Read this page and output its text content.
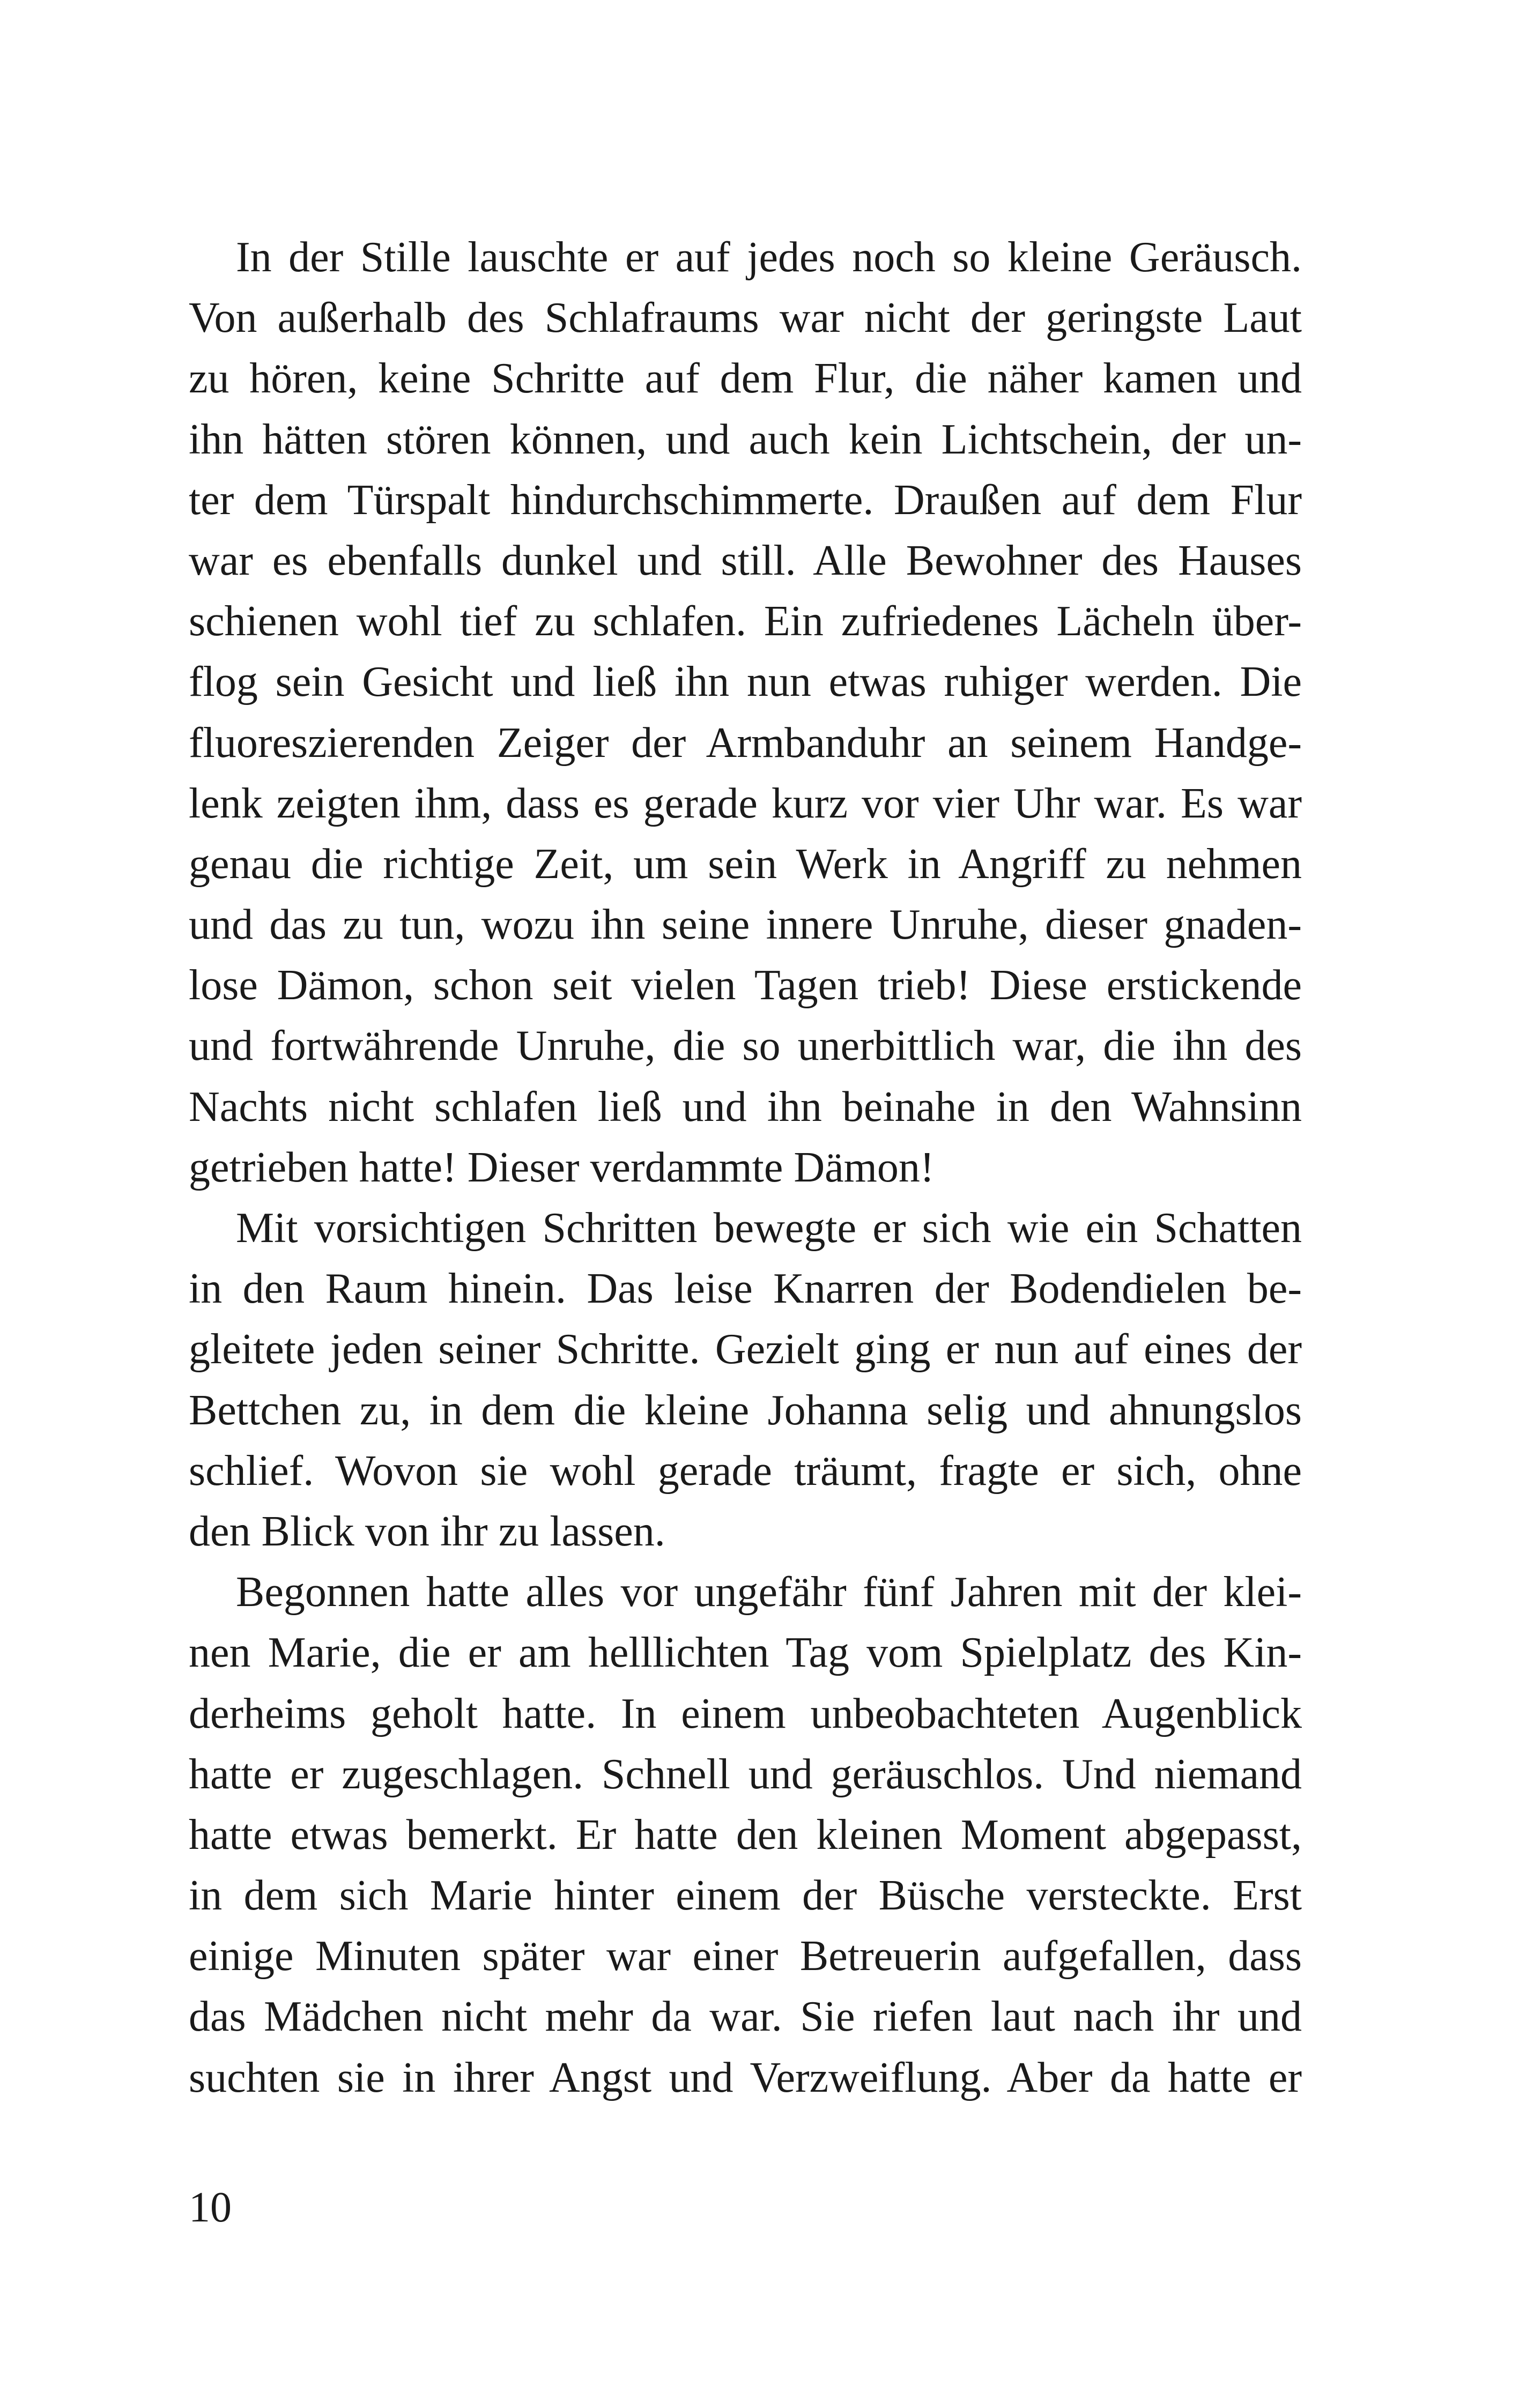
In der Stille lauschte er auf jedes noch so kleine Geräusch.
Von außerhalb des Schlafraums war nicht der geringste Laut
zu hören, keine Schritte auf dem Flur, die näher kamen und
ihn hätten stören können, und auch kein Lichtschein, der un-
ter dem Türspalt hindurchschimmerte. Draußen auf dem Flur
war es ebenfalls dunkel und still. Alle Bewohner des Hauses
schienen wohl tief zu schlafen. Ein zufriedenes Lächeln über-
flog sein Gesicht und ließ ihn nun etwas ruhiger werden. Die
fluoreszierenden Zeiger der Armbanduhr an seinem Handge-
lenk zeigten ihm, dass es gerade kurz vor vier Uhr war. Es war
genau die richtige Zeit, um sein Werk in Angriff zu nehmen
und das zu tun, wozu ihn seine innere Unruhe, dieser gnaden-
lose Dämon, schon seit vielen Tagen trieb! Diese erstickende
und fortwährende Unruhe, die so unerbittlich war, die ihn des
Nachts nicht schlafen ließ und ihn beinahe in den Wahnsinn
getrieben hatte! Dieser verdammte Dämon!
Mit vorsichtigen Schritten bewegte er sich wie ein Schatten
in den Raum hinein. Das leise Knarren der Bodendielen be-
gleitete jeden seiner Schritte. Gezielt ging er nun auf eines der
Bettchen zu, in dem die kleine Johanna selig und ahnungslos
schlief. Wovon sie wohl gerade träumt, fragte er sich, ohne
den Blick von ihr zu lassen.
Begonnen hatte alles vor ungefähr fünf Jahren mit der klei-
nen Marie, die er am helllichten Tag vom Spielplatz des Kin-
derheims geholt hatte. In einem unbeobachteten Augenblick
hatte er zugeschlagen. Schnell und geräuschlos. Und niemand
hatte etwas bemerkt. Er hatte den kleinen Moment abgepasst,
in dem sich Marie hinter einem der Büsche versteckte. Erst
einige Minuten später war einer Betreuerin aufgefallen, dass
das Mädchen nicht mehr da war. Sie riefen laut nach ihr und
suchten sie in ihrer Angst und Verzweiflung. Aber da hatte er
10
